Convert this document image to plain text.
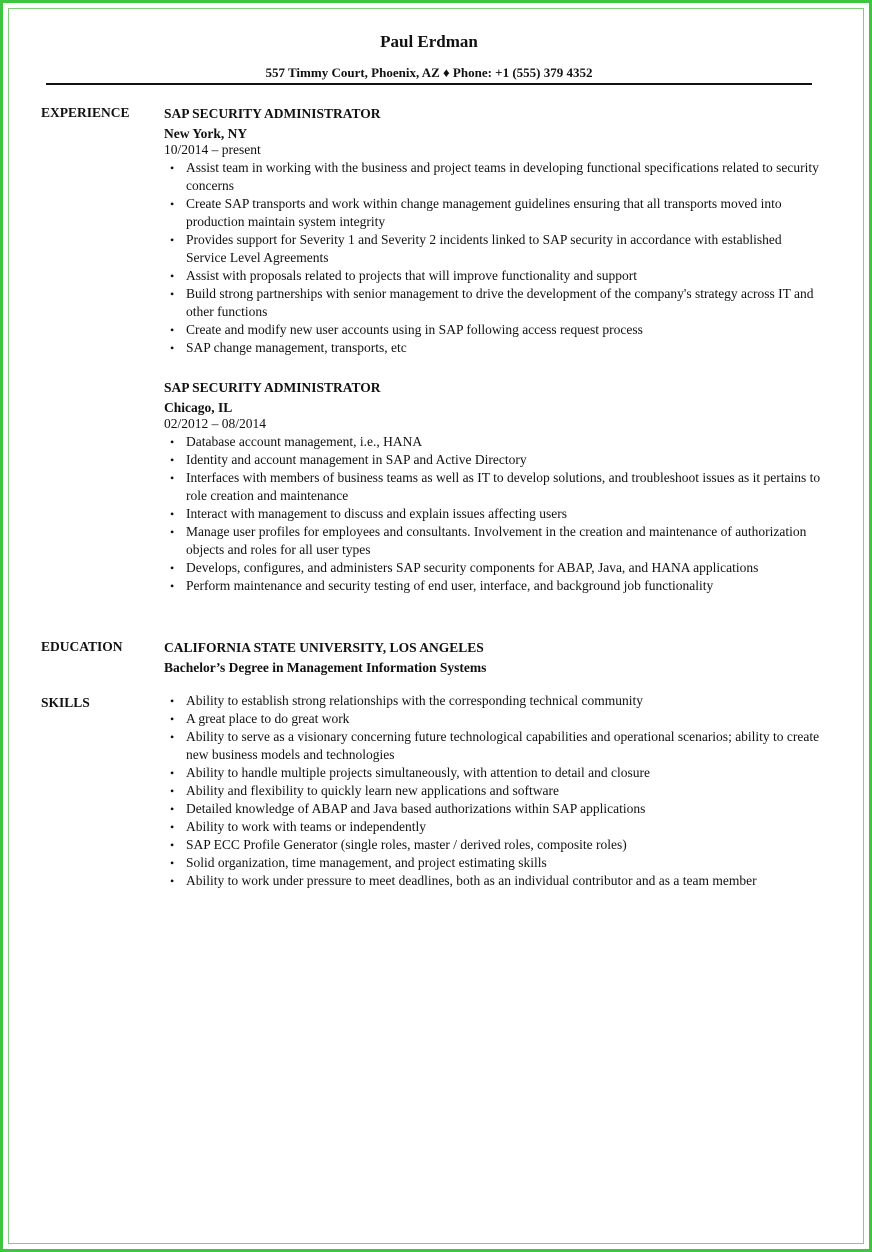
Paul Erdman
557 Timmy Court, Phoenix, AZ ♦ Phone: +1 (555) 379 4352
EXPERIENCE	SAP SECURITY ADMINISTRATOR
New York, NY
10/2014 – present
• Assist team in working with the business and project teams in developing functional specifications related to security concerns
• Create SAP transports and work within change management guidelines ensuring that all transports moved into production maintain system integrity
• Provides support for Severity 1 and Severity 2 incidents linked to SAP security in accordance with established Service Level Agreements
• Assist with proposals related to projects that will improve functionality and support
• Build strong partnerships with senior management to drive the development of the company's strategy across IT and other functions
• Create and modify new user accounts using in SAP following access request process
• SAP change management, transports, etc
SAP SECURITY ADMINISTRATOR
Chicago, IL
02/2012 – 08/2014
• Database account management, i.e., HANA
• Identity and account management in SAP and Active Directory
• Interfaces with members of business teams as well as IT to develop solutions, and troubleshoot issues as it pertains to role creation and maintenance
• Interact with management to discuss and explain issues affecting users
• Manage user profiles for employees and consultants. Involvement in the creation and maintenance of authorization objects and roles for all user types
• Develops, configures, and administers SAP security components for ABAP, Java, and HANA applications
• Perform maintenance and security testing of end user, interface, and background job functionality
EDUCATION	CALIFORNIA STATE UNIVERSITY, LOS ANGELES
Bachelor’s Degree in Management Information Systems
SKILLS
•	Ability to establish strong relationships with the corresponding technical community
• A great place to do great work
• Ability to serve as a visionary concerning future technological capabilities and operational scenarios; ability to create new business models and technologies
• Ability to handle multiple projects simultaneously, with attention to detail and closure
• Ability and flexibility to quickly learn new applications and software
• Detailed knowledge of ABAP and Java based authorizations within SAP applications
• Ability to work with teams or independently
• SAP ECC Profile Generator (single roles, master / derived roles, composite roles)
• Solid organization, time management, and project estimating skills
• Ability to work under pressure to meet deadlines, both as an individual contributor and as a team member
